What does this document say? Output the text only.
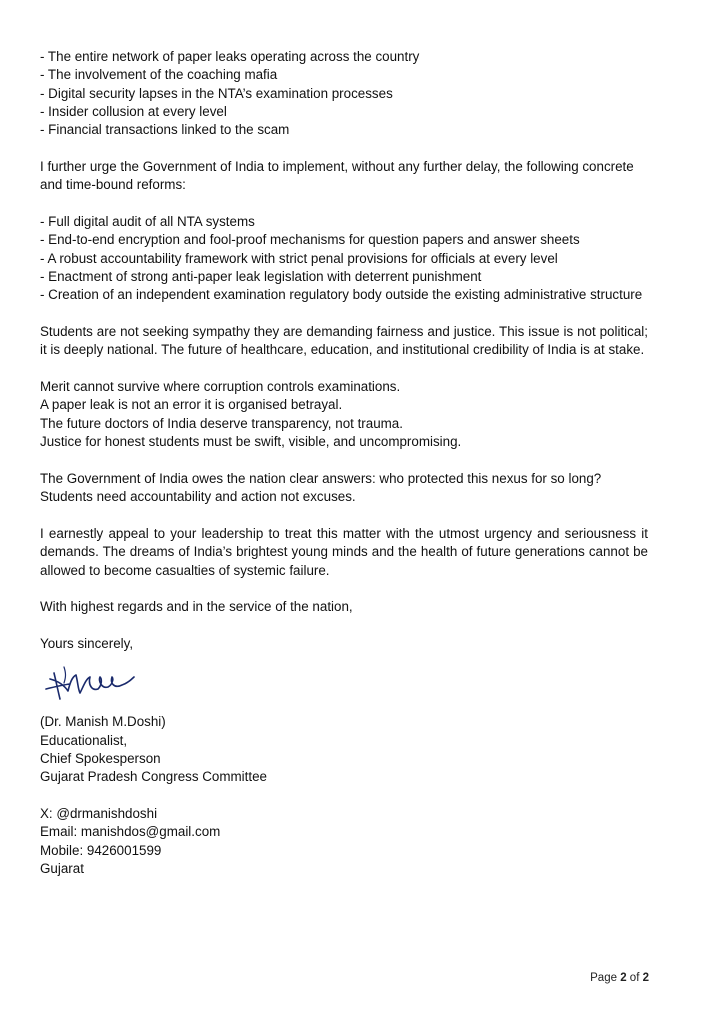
- The entire network of paper leaks operating across the country
- The involvement of the coaching mafia
- Digital security lapses in the NTA’s examination processes
- Insider collusion at every level
- Financial transactions linked to the scam

I further urge the Government of India to implement, without any further delay, the following concrete and time-bound reforms:

- Full digital audit of all NTA systems
- End-to-end encryption and fool-proof mechanisms for question papers and answer sheets
- A robust accountability framework with strict penal provisions for officials at every level
- Enactment of strong anti-paper leak legislation with deterrent punishment
- Creation of an independent examination regulatory body outside the existing administrative structure

Students are not seeking sympathy they are demanding fairness and justice. This issue is not political; it is deeply national. The future of healthcare, education, and institutional credibility of India is at stake.

Merit cannot survive where corruption controls examinations.
A paper leak is not an error it is organised betrayal.
The future doctors of India deserve transparency, not trauma.
Justice for honest students must be swift, visible, and uncompromising.

The Government of India owes the nation clear answers: who protected this nexus for so long? Students need accountability and action not excuses.

I earnestly appeal to your leadership to treat this matter with the utmost urgency and seriousness it demands. The dreams of India’s brightest young minds and the health of future generations cannot be allowed to become casualties of systemic failure.

With highest regards and in the service of the nation,

Yours sincerely,
(Dr. Manish M.Doshi)
Educationalist,
Chief Spokesperson
Gujarat Pradesh Congress Committee
X: @drmanishdoshi
Email: manishdos@gmail.com
Mobile: 9426001599
Gujarat
Page 2 of 2
